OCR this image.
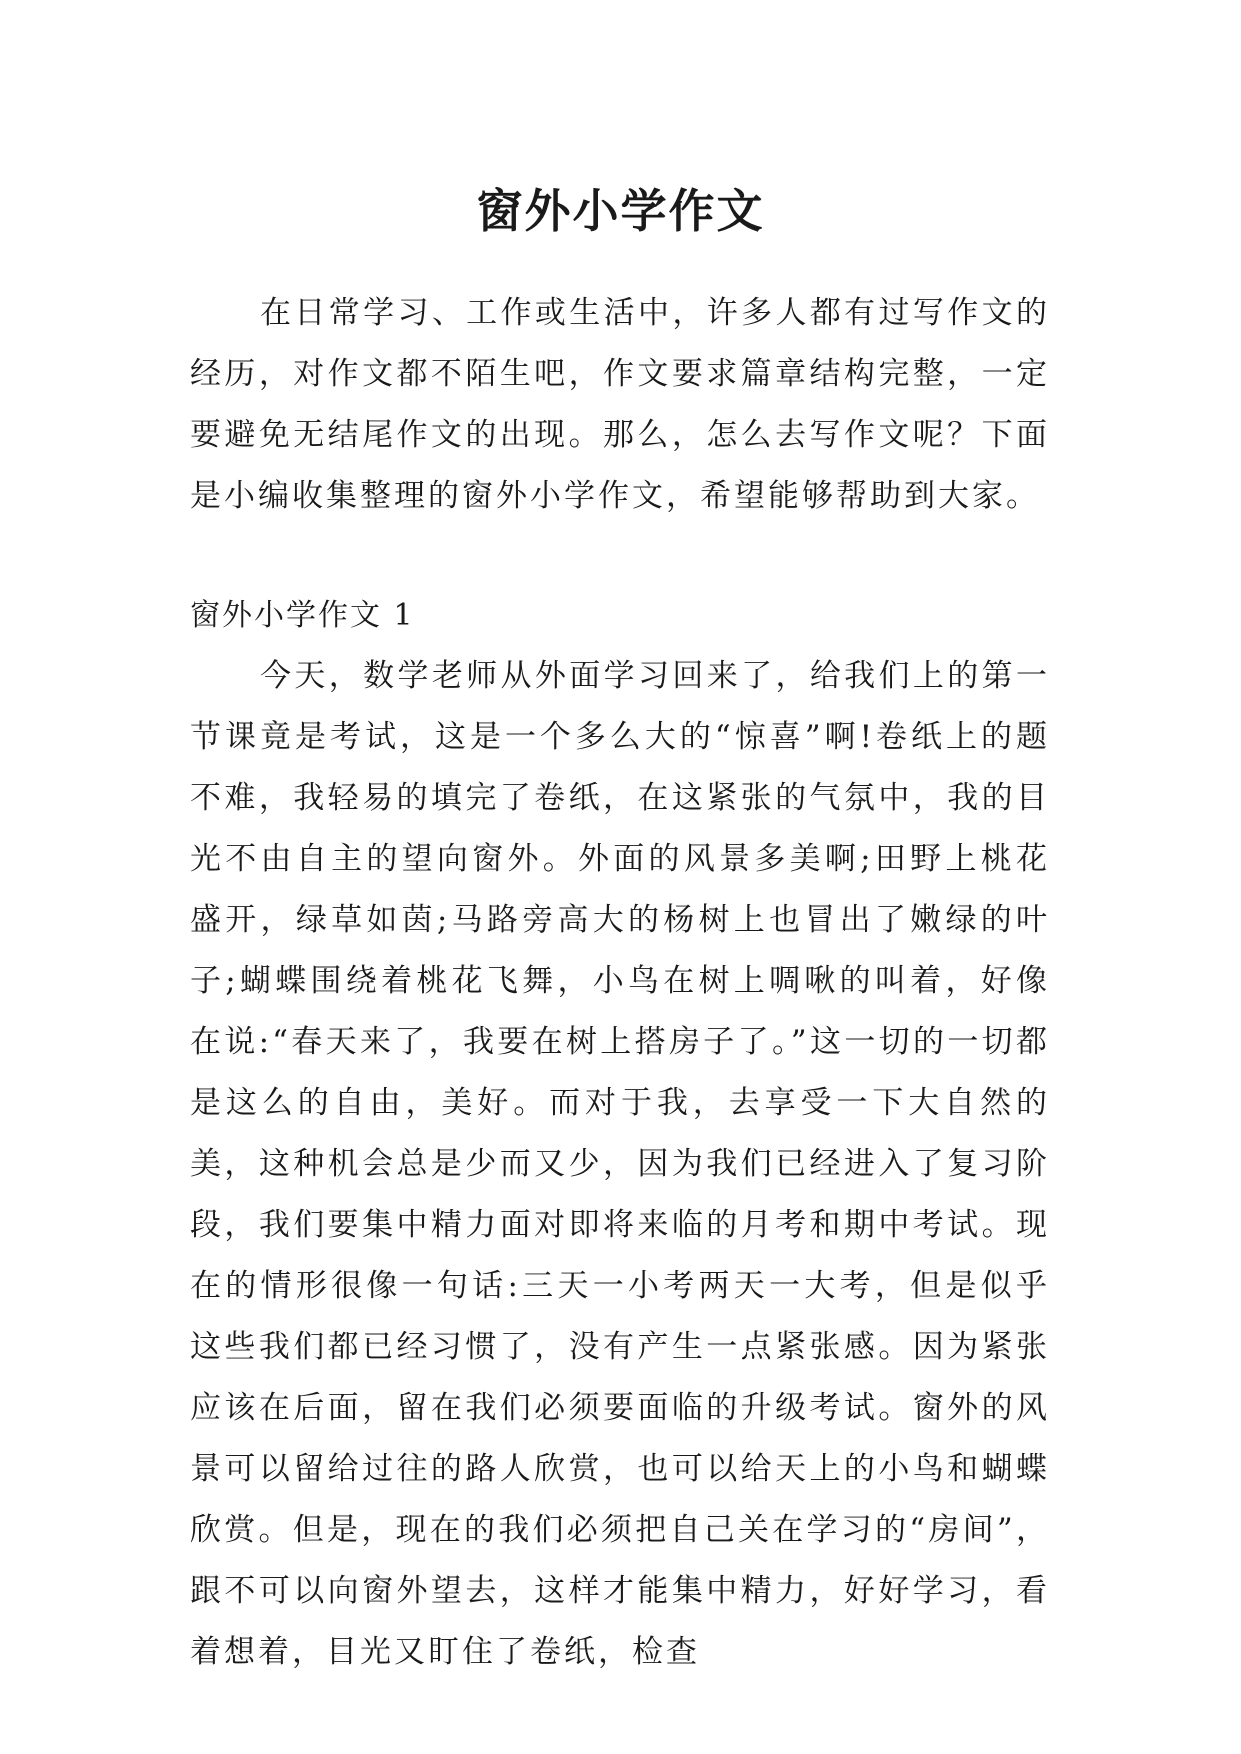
窗外小学作文

在日常学习、工作或生活中，许多人都有过写作文的经历，对作文都不陌生吧，作文要求篇章结构完整，一定要避免无结尾作文的出现。那么，怎么去写作文呢？下面是小编收集整理的窗外小学作文，希望能够帮助到大家。

窗外小学作文 1

今天，数学老师从外面学习回来了，给我们上的第一节课竟是考试，这是一个多么大的“惊喜”啊!卷纸上的题不难，我轻易的填完了卷纸，在这紧张的气氛中，我的目光不由自主的望向窗外。外面的风景多美啊;田野上桃花盛开，绿草如茵;马路旁高大的杨树上也冒出了嫩绿的叶子;蝴蝶围绕着桃花飞舞，小鸟在树上啁啾的叫着，好像在说:“春天来了，我要在树上搭房子了。”这一切的一切都是这么的自由，美好。而对于我，去享受一下大自然的美，这种机会总是少而又少，因为我们已经进入了复习阶段，我们要集中精力面对即将来临的月考和期中考试。现在的情形很像一句话:三天一小考两天一大考，但是似乎这些我们都已经习惯了，没有产生一点紧张感。因为紧张应该在后面，留在我们必须要面临的升级考试。窗外的风景可以留给过往的路人欣赏，也可以给天上的小鸟和蝴蝶欣赏。但是，现在的我们必须把自己关在学习的“房间”，跟不可以向窗外望去，这样才能集中精力，好好学习，看着想着，目光又盯住了卷纸，检查
